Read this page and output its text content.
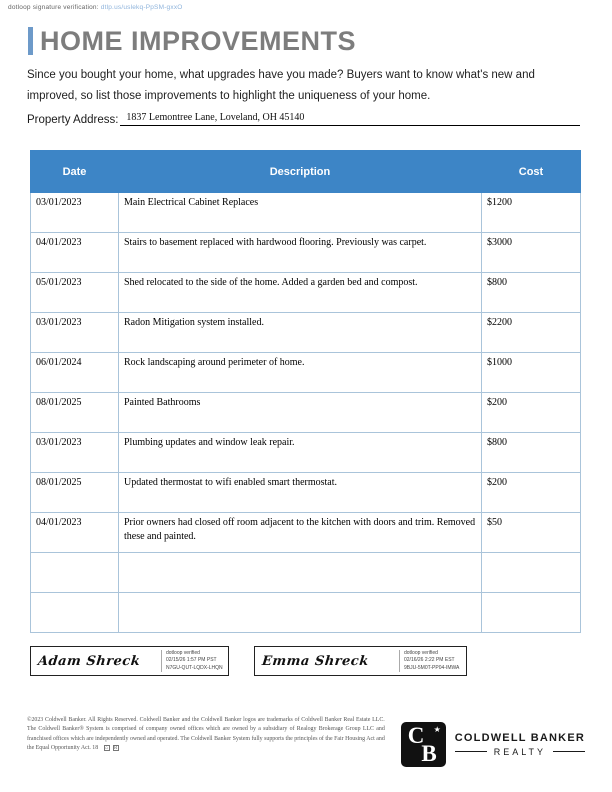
dotloop signature verification: dtlp.us/uslekq-PpSM-gxxO
HOME IMPROVEMENTS

Since you bought your home, what upgrades have you made? Buyers want to know what's new and improved, so list those improvements to highlight the uniqueness of your home.

Property Address: 1837 Lemontree Lane, Loveland, OH 45140
Date	Description	Cost
03/01/2023	Main Electrical Cabinet Replaces	$1200
04/01/2023	Stairs to basement replaced with hardwood flooring. Previously was carpet.	$3000
05/01/2023	Shed relocated to the side of the home. Added a garden bed and compost.	$800
03/01/2023	Radon Mitigation system installed.	$2200
06/01/2024	Rock landscaping around perimeter of home.	$1000
08/01/2025	Painted Bathrooms	$200
03/01/2023	Plumbing updates and window leak repair.	$800
08/01/2025	Updated thermostat to wifi enabled smart thermostat.	$200
04/01/2023	Prior owners had closed off room adjacent to the kitchen with doors and trim. Removed these and painted.	$50

Adam Shreck
dotloop verified
02/15/26 1:57 PM PST
N7GU-QUT-LQDX-LHQN	Emma Shreck
dotloop verified
02/16/26 2:22 PM EST
9BJU-5M0T-PP04-IMWA

©2023 Coldwell Banker. All Rights Reserved. Coldwell Banker and the Coldwell Banker logos are trademarks of Coldwell Banker Real Estate LLC. The Coldwell Banker® System is comprised of company owned offices which are owned by a subsidiary of Realogy Brokerage Group LLC and franchised offices which are independently owned and operated. The Coldwell Banker System fully supports the principles of the Fair Housing Act and the Equal Opportunity Act. 18 ⌂	R

C
B
★
COLDWELL BANKER
REALTY
